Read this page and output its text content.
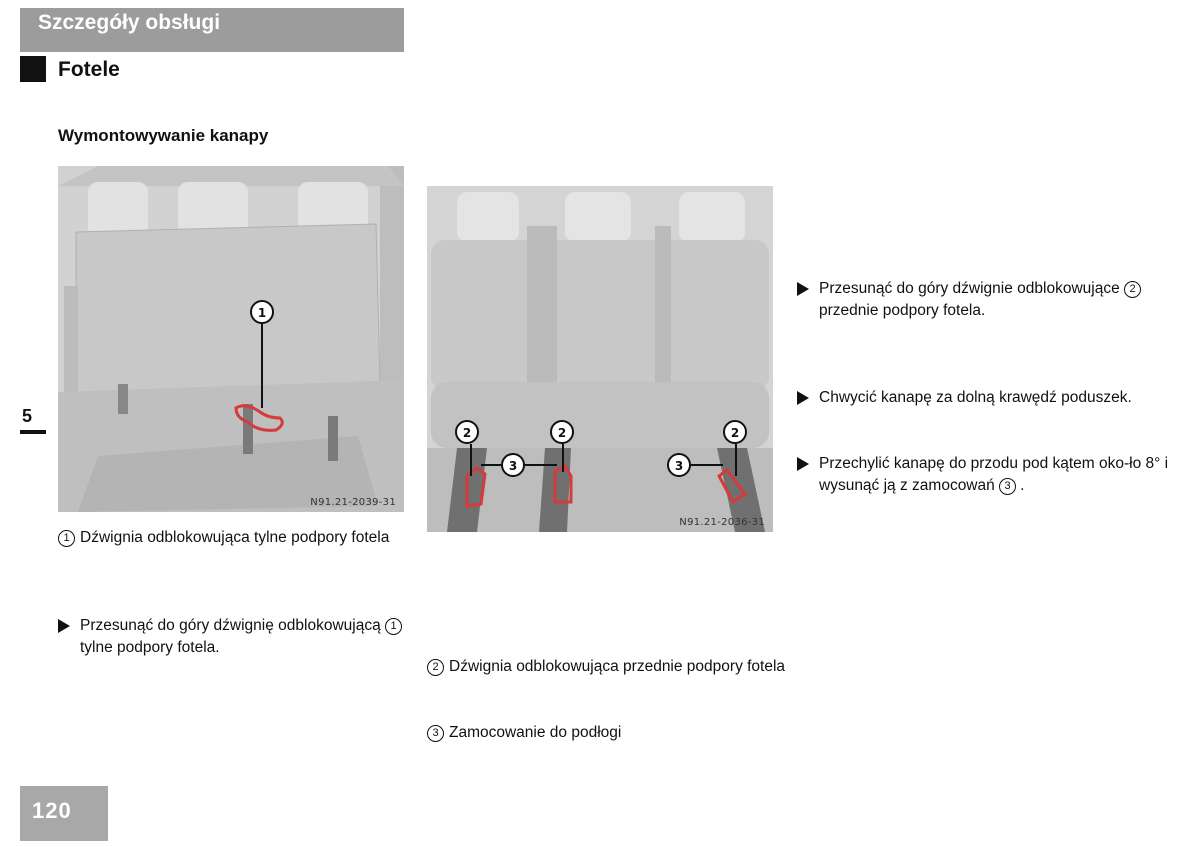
Szczegóły obsługi
Fotele
5
Wymontowywanie kanapy
1
N91.21-2039-31
1 Dźwignia odblokowująca tylne podpory fotela
Przesunąć do góry dźwignię odblokowującą 1tylne podpory fotela.
2	2	2
3	3
N91.21-2036-31
2 Dźwignia odblokowująca przednie podpory fotela
3 Zamocowanie do podłogi
Przesunąć do góry dźwignie odblokowujące 2przednie podpory fotela.
Chwycić kanapę za dolną krawędź poduszek.
Przechylić kanapę do przodu pod kątem oko-ło 8° i wysunąć ją z zamocowań 3 .
120
